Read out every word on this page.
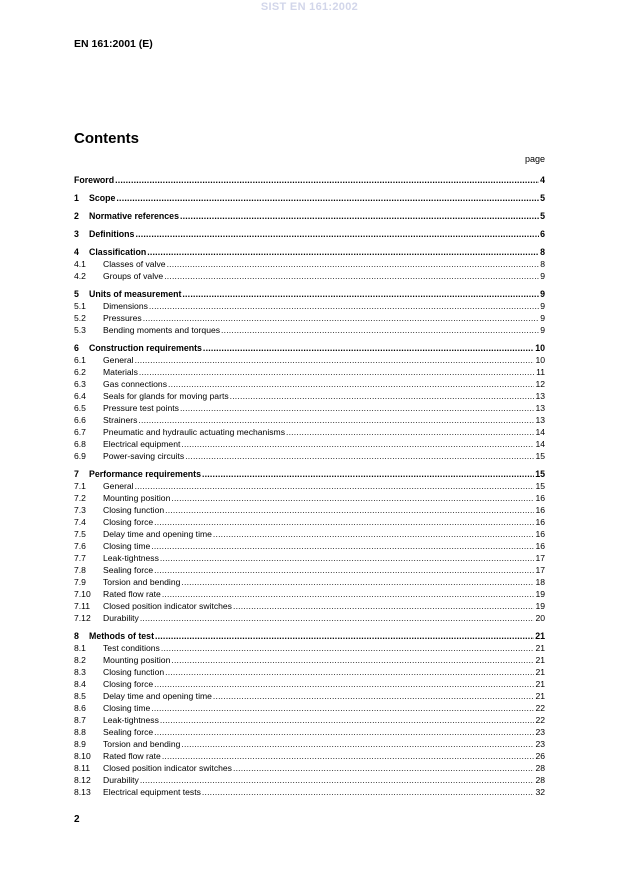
SIST EN 161:2002
EN 161:2001 (E)
Contents
page
Foreword .....	4
1	Scope .....	5
2	Normative references .....	5
3	Definitions .....	6
4	Classification .....	8
4.1	Classes of valve .....	8
4.2	Groups of valve .....	9
5	Units of measurement .....	9
5.1	Dimensions .....	9
5.2	Pressures .....	9
5.3	Bending moments and torques .....	9
6	Construction requirements .....	10
6.1	General .....	10
6.2	Materials .....	11
6.3	Gas connections .....	12
6.4	Seals for glands for moving parts .....	13
6.5	Pressure test points .....	13
6.6	Strainers .....	13
6.7	Pneumatic and hydraulic actuating mechanisms .....	14
6.8	Electrical equipment .....	14
6.9	Power-saving circuits .....	15
7	Performance requirements .....	15
7.1	General .....	15
7.2	Mounting position .....	16
7.3	Closing function .....	16
7.4	Closing force .....	16
7.5	Delay time and opening time .....	16
7.6	Closing time .....	16
7.7	Leak-tightness .....	17
7.8	Sealing force .....	17
7.9	Torsion and bending .....	18
7.10	Rated flow rate .....	19
7.11	Closed position indicator switches .....	19
7.12	Durability .....	20
8	Methods of test .....	21
8.1	Test conditions .....	21
8.2	Mounting position .....	21
8.3	Closing function .....	21
8.4	Closing force .....	21
8.5	Delay time and opening time .....	21
8.6	Closing time .....	22
8.7	Leak-tightness .....	22
8.8	Sealing force .....	23
8.9	Torsion and bending .....	23
8.10	Rated flow rate .....	26
8.11	Closed position indicator switches .....	28
8.12	Durability .....	28
8.13	Electrical equipment tests .....	32
2
